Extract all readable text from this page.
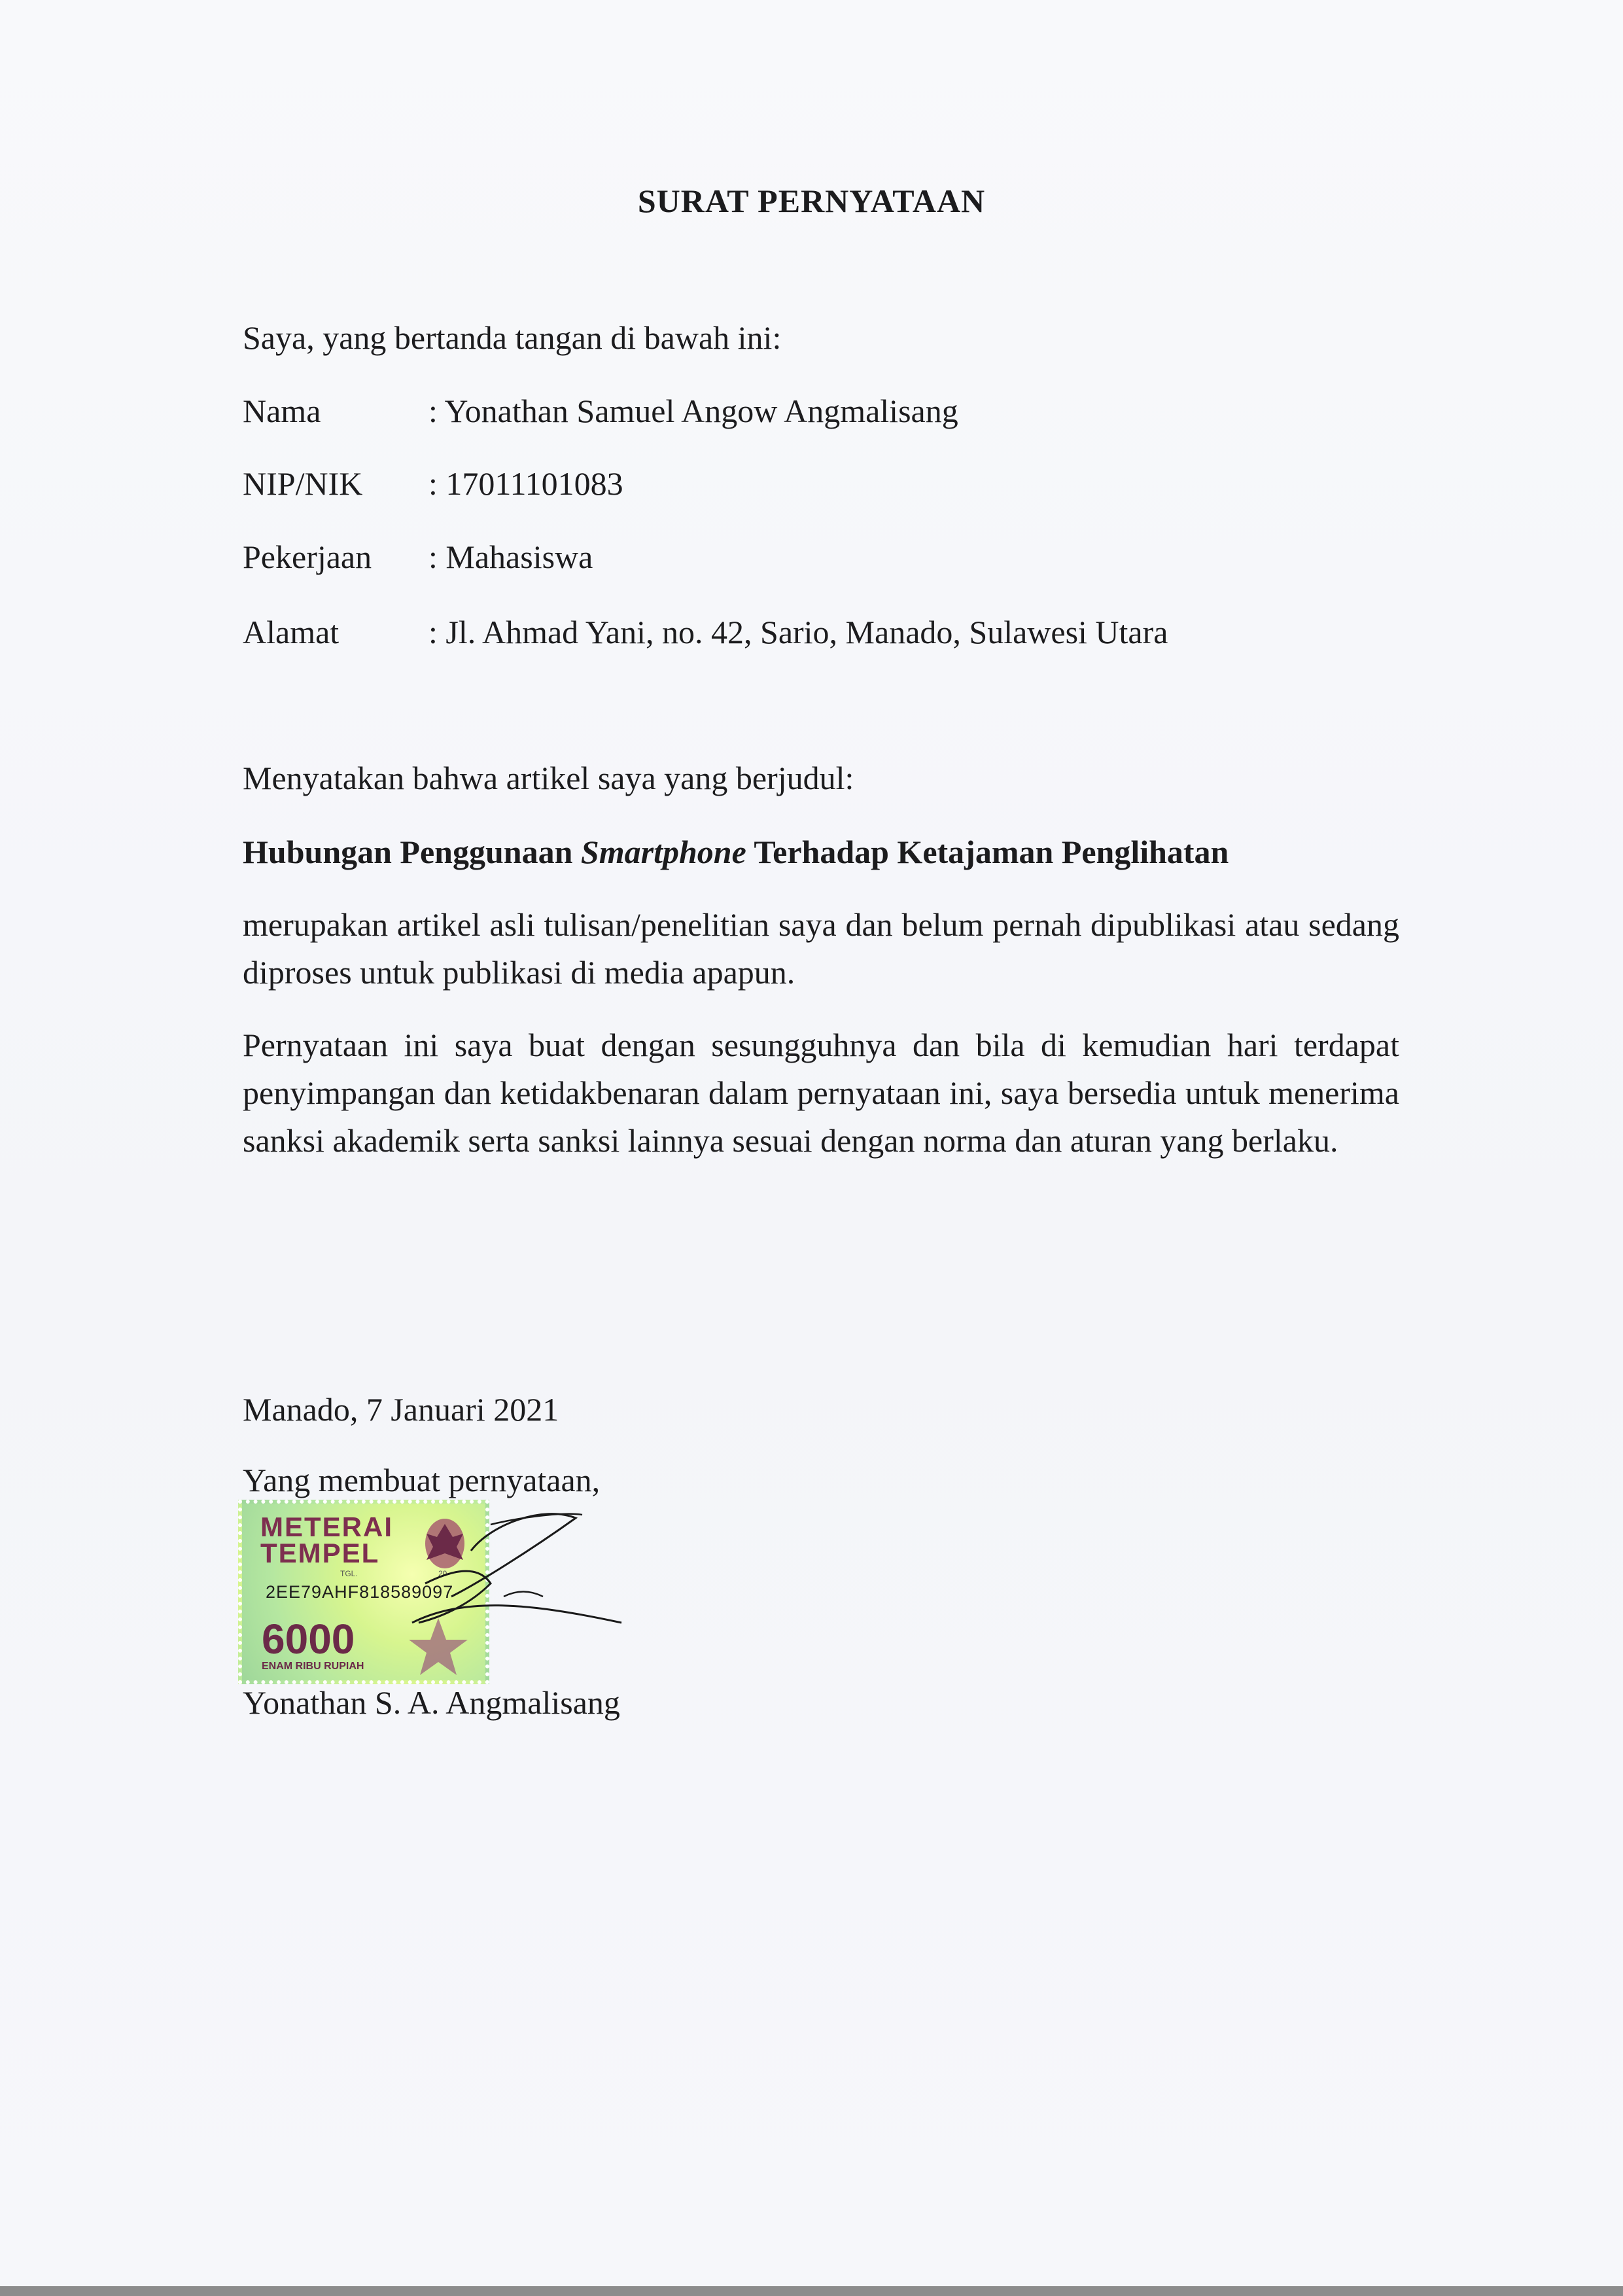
SURAT PERNYATAAN
Saya, yang bertanda tangan di bawah ini:
Nama	: Yonathan Samuel Angow Angmalisang
NIP/NIK : 17011101083
Pekerjaan : Mahasiswa
Alamat	: Jl. Ahmad Yani, no. 42, Sario, Manado, Sulawesi Utara
Menyatakan bahwa artikel saya yang berjudul:
Hubungan Penggunaan Smartphone Terhadap Ketajaman Penglihatan
merupakan artikel asli tulisan/penelitian saya dan belum pernah dipublikasi atau sedang diproses untuk publikasi di media apapun.
Pernyataan ini saya buat dengan sesungguhnya dan bila di kemudian hari terdapat penyimpangan dan ketidakbenaran dalam pernyataan ini, saya bersedia untuk menerima sanksi akademik serta sanksi lainnya sesuai dengan norma dan aturan yang berlaku.
Manado, 7 Januari 2021
Yang membuat pernyataan,
METERAI
TEMPEL
TGL.	20
2EE79AHF818589097
6000
ENAM RIBU RUPIAH
Yonathan S. A. Angmalisang
